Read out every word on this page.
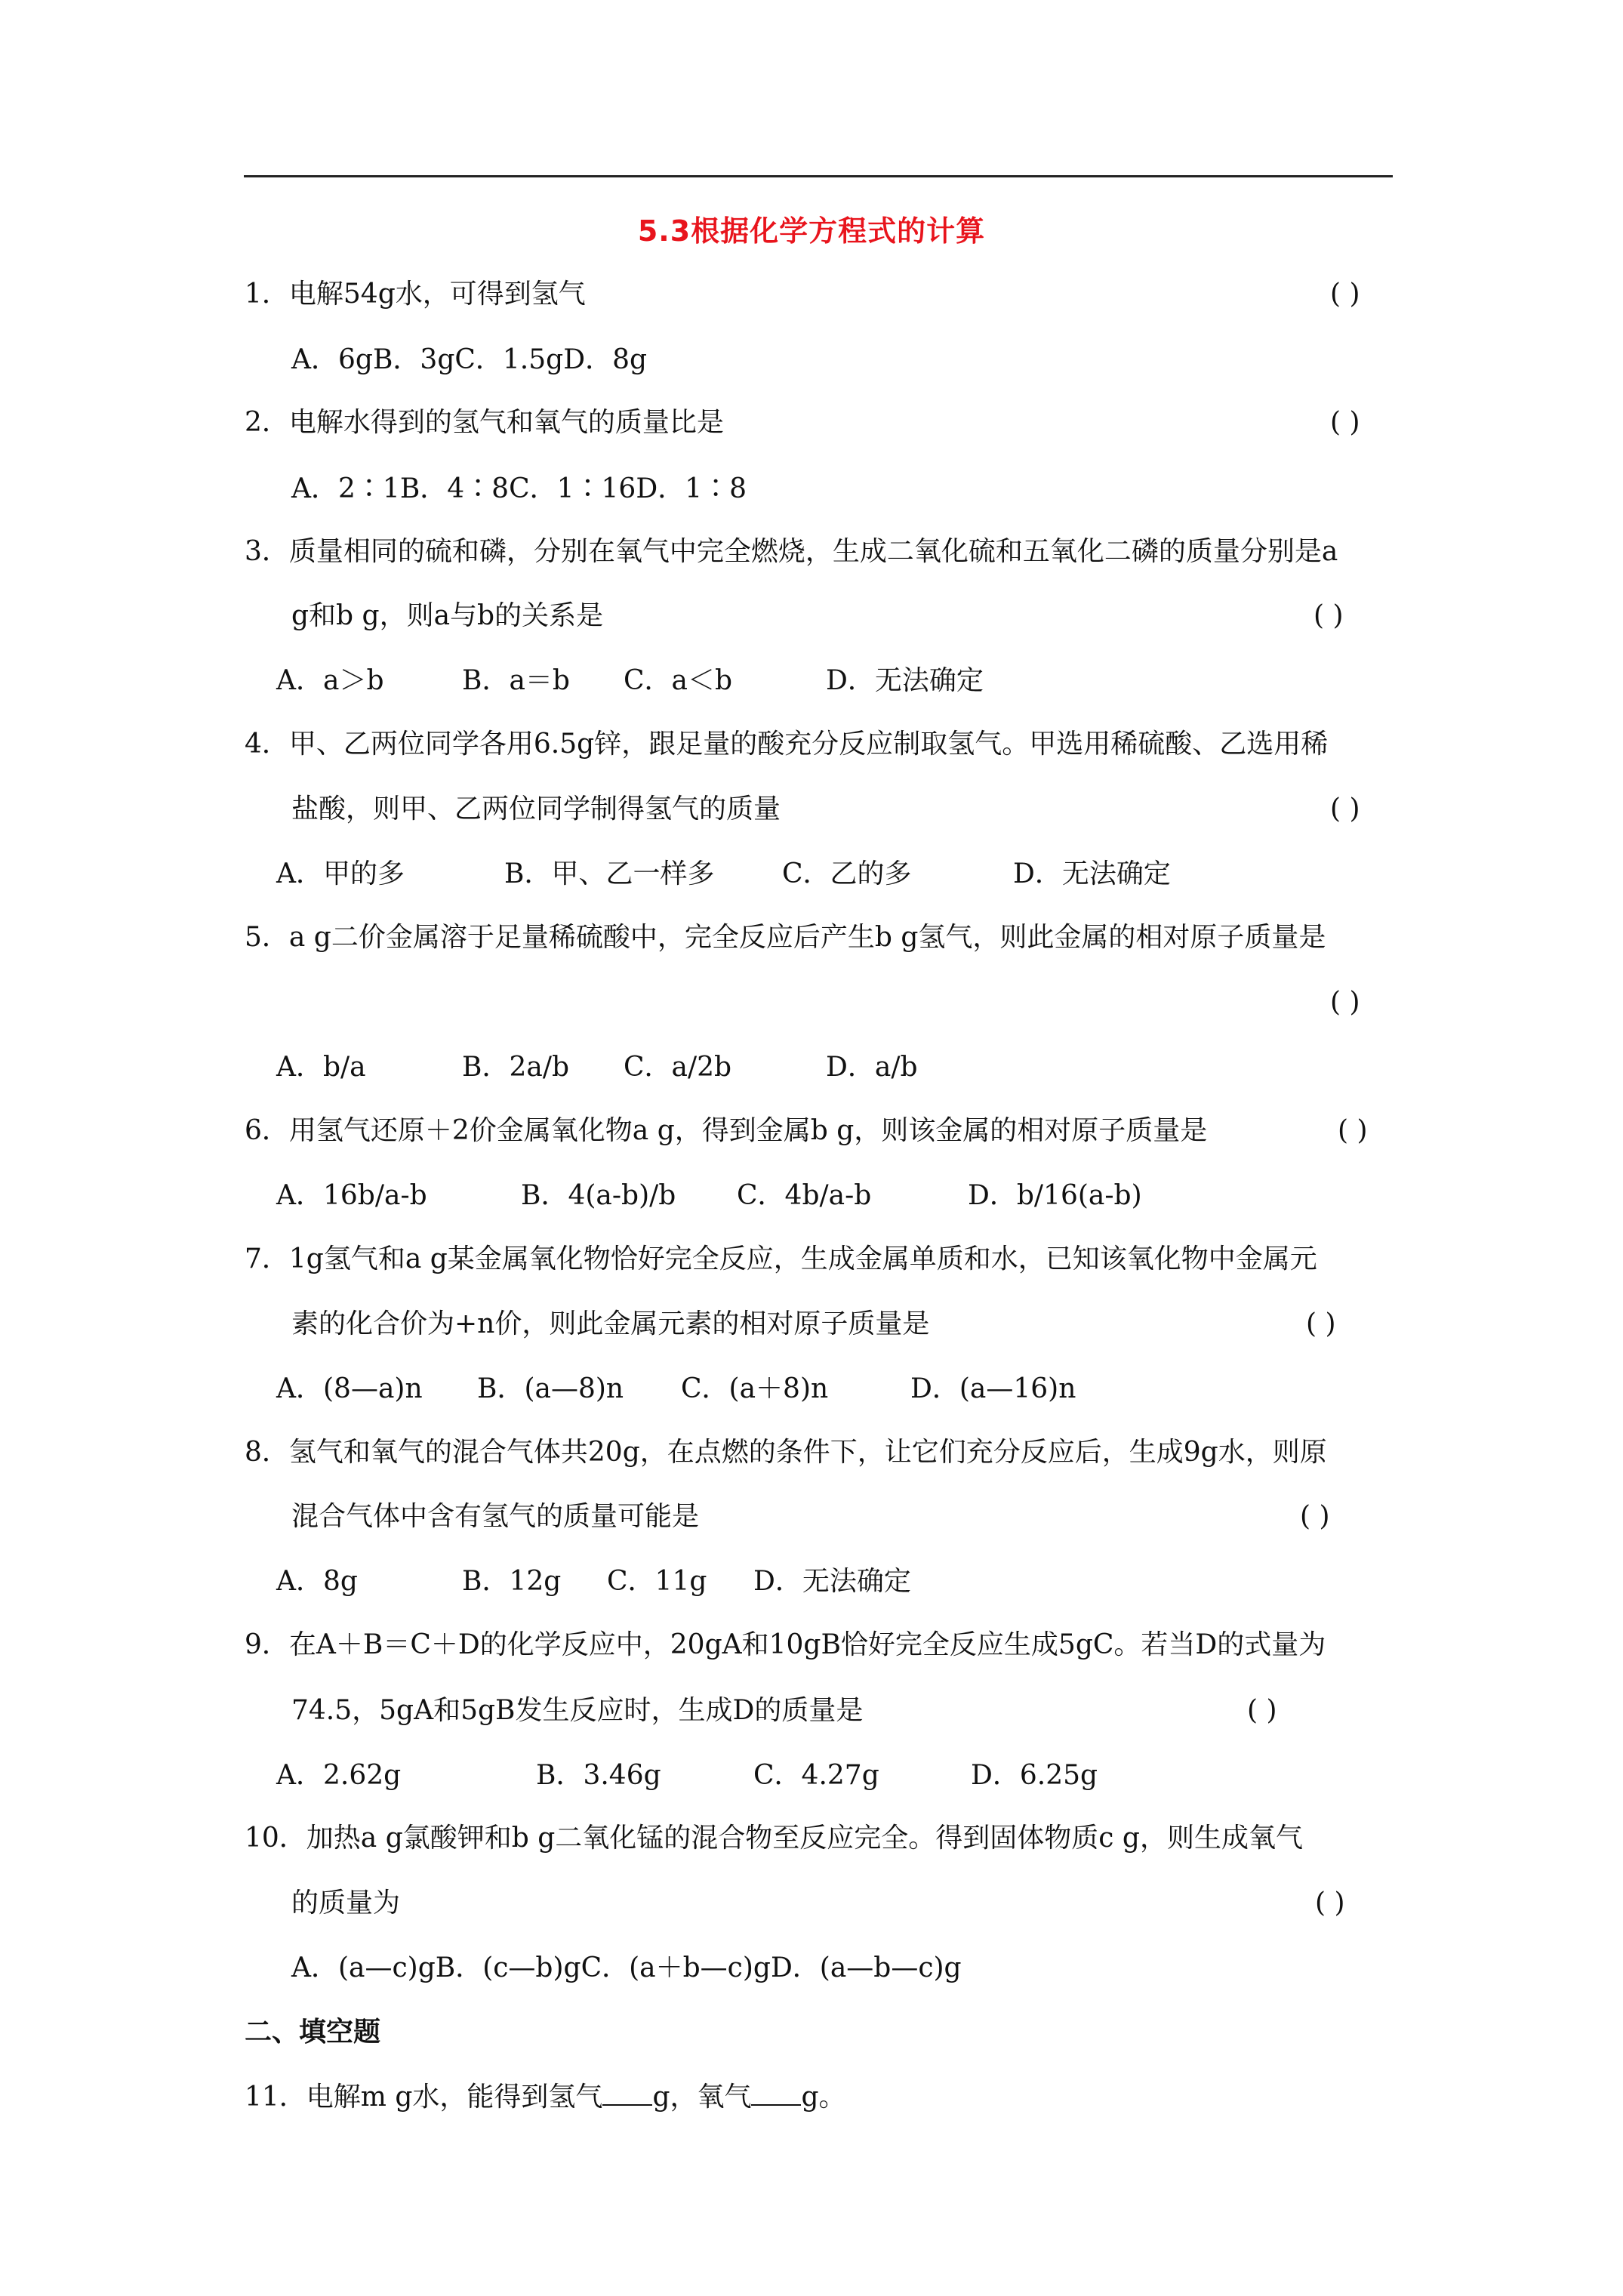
5.3根据化学方程式的计算
1．电解54g水，可得到氢气	( )
A．6gB．3gC．1.5gD．8g
2．电解水得到的氢气和氧气的质量比是	( )
A．2∶1B．4∶8C．1∶16D．1∶8
3．质量相同的硫和磷，分别在氧气中完全燃烧，生成二氧化硫和五氧化二磷的质量分别是a
g和b g，则a与b的关系是	( )
A．a＞b	B．a＝b C．a＜b	D．无法确定
4．甲、乙两位同学各用6.5g锌，跟足量的酸充分反应制取氢气。甲选用稀硫酸、乙选用稀
盐酸，则甲、乙两位同学制得氢气的质量	( )
A．甲的多	B．甲、乙一样多 C．乙的多	D．无法确定
5．a g二价金属溶于足量稀硫酸中，完全反应后产生b g氢气，则此金属的相对原子质量是
( )
A．b/a	B．2a/b C．a/2b	D．a/b
6．用氢气还原＋2价金属氧化物a g，得到金属b g，则该金属的相对原子质量是	( )
A．16b/a-b	B．4(a-b)/b C．4b/a-b	D．b/16(a-b)
7．1g氢气和a g某金属氧化物恰好完全反应，生成金属单质和水，已知该氧化物中金属元
素的化合价为+n价，则此金属元素的相对原子质量是	( )
A．(8—a)n B．(a—8)n C．(a＋8)n	D．(a—16)n
8．氢气和氧气的混合气体共20g，在点燃的条件下，让它们充分反应后，生成9g水，则原
混合气体中含有氢气的质量可能是	( )
A．8g	B．12g C．11g D．无法确定
9．在A＋B＝C＋D的化学反应中，20gA和10gB恰好完全反应生成5gC。若当D的式量为
74.5，5gA和5gB发生反应时，生成D的质量是	( )
A．2.62g	B．3.46g	C．4.27g	D．6.25g
10．加热a g氯酸钾和b g二氧化锰的混合物至反应完全。得到固体物质c g，则生成氧气
的质量为	( )
A．(a—c)gB．(c—b)gC．(a＋b—c)gD．(a—b—c)g
二、填空题
11．电解m g水，能得到氢气 g，氧气 g。
